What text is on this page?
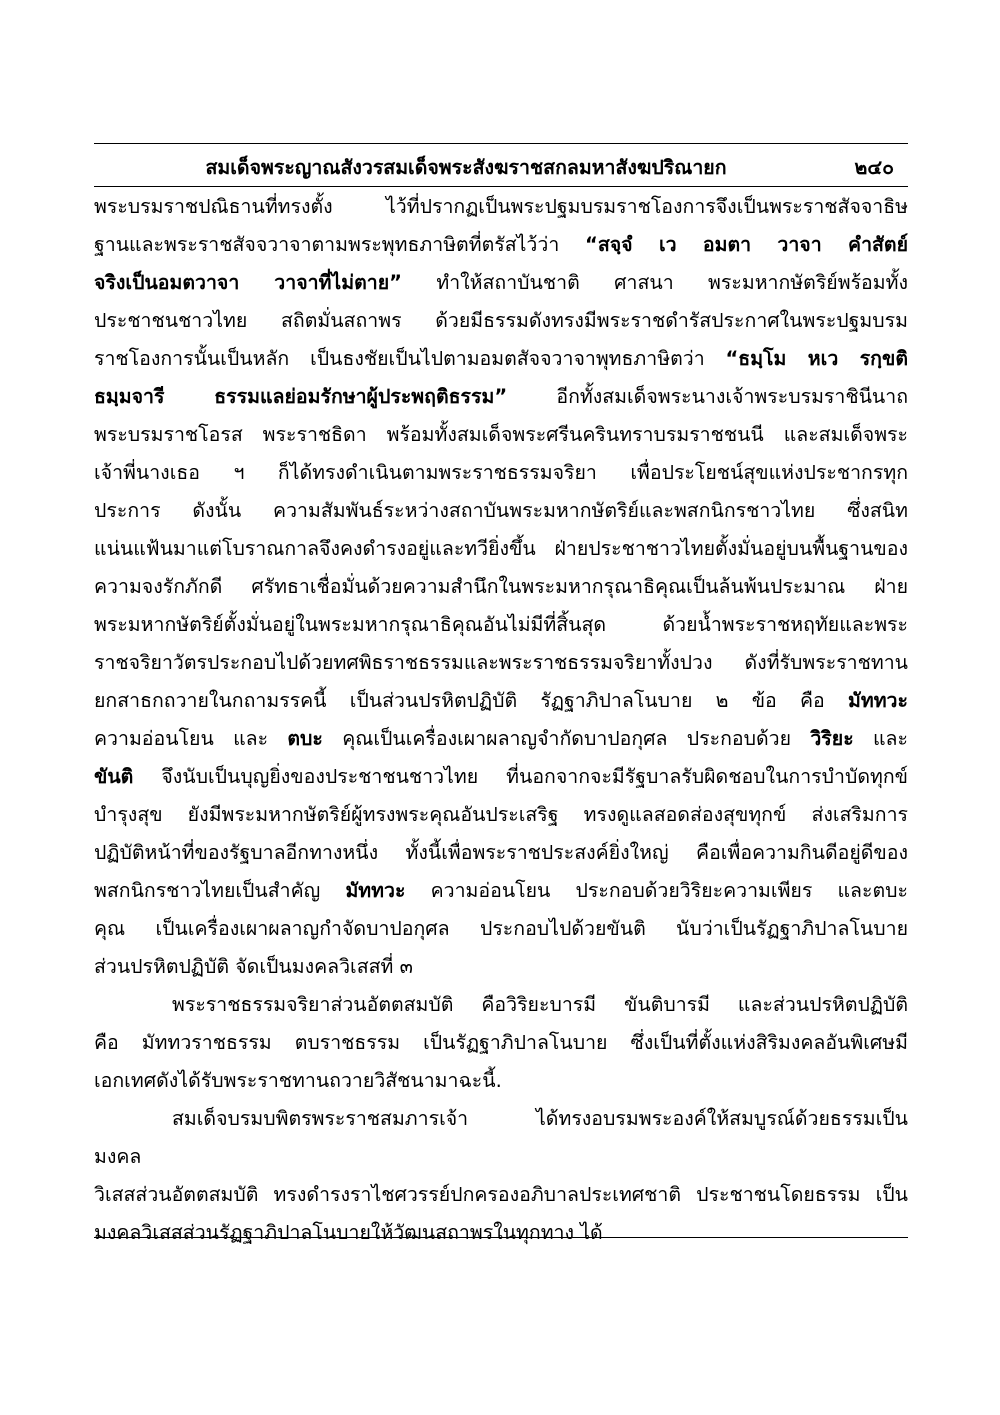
สมเด็จพระญาณสังวรสมเด็จพระสังฆราชสกลมหาสังฆปริณายก	๒๔๐
พระบรมราชปณิธานที่ทรงตั้ง ไว้ที่ปรากฏเป็นพระปฐมบรมราชโองการจึงเป็นพระราชสัจจาธิษ
ฐานและพระราชสัจจวาจาตามพระพุทธภาษิตที่ตรัสไว้ว่า “สจฺจํ เว อมตา วาจา คำสัตย์
จริงเป็นอมตวาจา วาจาที่ไม่ตาย” ทำให้สถาบันชาติ ศาสนา พระมหากษัตริย์พร้อมทั้ง
ประชาชนชาวไทย สถิตมั่นสถาพร ด้วยมีธรรมดังทรงมีพระราชดำรัสประกาศในพระปฐมบรม
ราชโองการนั้นเป็นหลัก เป็นธงชัยเป็นไปตามอมตสัจจวาจาพุทธภาษิตว่า “ธมฺโม หเว รกฺขติ
ธมฺมจารี ธรรมแลย่อมรักษาผู้ประพฤติธรรม” อีกทั้งสมเด็จพระนางเจ้าพระบรมราชินีนาถ
พระบรมราชโอรส พระราชธิดา พร้อมทั้งสมเด็จพระศรีนครินทราบรมราชชนนี และสมเด็จพระ
เจ้าพี่นางเธอ ฯ ก็ได้ทรงดำเนินตามพระราชธรรมจริยา เพื่อประโยชน์สุขแห่งประชากรทุก
ประการ ดังนั้น ความสัมพันธ์ระหว่างสถาบันพระมหากษัตริย์และพสกนิกรชาวไทย ซึ่งสนิท
แน่นแฟ้นมาแต่โบราณกาลจึงคงดำรงอยู่และทวียิ่งขึ้น ฝ่ายประชาชาวไทยตั้งมั่นอยู่บนพื้นฐานของ
ความจงรักภักดี ศรัทธาเชื่อมั่นด้วยความสำนึกในพระมหากรุณาธิคุณเป็นล้นพ้นประมาณ ฝ่าย
พระมหากษัตริย์ตั้งมั่นอยู่ในพระมหากรุณาธิคุณอันไม่มีที่สิ้นสุด ด้วยน้ำพระราชหฤทัยและพระ
ราชจริยาวัตรประกอบไปด้วยทศพิธราชธรรมและพระราชธรรมจริยาทั้งปวง ดังที่รับพระราชทาน
ยกสาธกถวายในกถามรรคนี้ เป็นส่วนปรหิตปฏิบัติ รัฏฐาภิปาลโนบาย ๒ ข้อ คือ มัททวะ
ความอ่อนโยน และ ตบะ คุณเป็นเครื่องเผาผลาญจำกัดบาปอกุศล ประกอบด้วย วิริยะ และ
ขันติ จึงนับเป็นบุญยิ่งของประชาชนชาวไทย ที่นอกจากจะมีรัฐบาลรับผิดชอบในการบำบัดทุกข์
บำรุงสุข ยังมีพระมหากษัตริย์ผู้ทรงพระคุณอันประเสริฐ ทรงดูแลสอดส่องสุขทุกข์ ส่งเสริมการ
ปฏิบัติหน้าที่ของรัฐบาลอีกทางหนึ่ง ทั้งนี้เพื่อพระราชประสงค์ยิ่งใหญ่ คือเพื่อความกินดีอยู่ดีของ
พสกนิกรชาวไทยเป็นสำคัญ มัททวะ ความอ่อนโยน ประกอบด้วยวิริยะความเพียร และตบะ
คุณ เป็นเครื่องเผาผลาญกำจัดบาปอกุศล ประกอบไปด้วยขันติ นับว่าเป็นรัฏฐาภิปาลโนบาย
ส่วนปรหิตปฏิบัติ จัดเป็นมงคลวิเสสที่ ๓
พระราชธรรมจริยาส่วนอัตตสมบัติ คือวิริยะบารมี ขันติบารมี และส่วนปรหิตปฏิบัติ
คือ มัททวราชธรรม ตบราชธรรม เป็นรัฏฐาภิปาลโนบาย ซึ่งเป็นที่ตั้งแห่งสิริมงคลอันพิเศษมี
เอกเทศดังได้รับพระราชทานถวายวิสัชนามาฉะนี้.
สมเด็จบรมบพิตรพระราชสมภารเจ้า ได้ทรงอบรมพระองค์ให้สมบูรณ์ด้วยธรรมเป็น
มงคล
วิเสสส่วนอัตตสมบัติ ทรงดำรงราไชศวรรย์ปกครองอภิบาลประเทศชาติ ประชาชนโดยธรรม เป็น
มงคลวิเสสส่วนรัฏฐาภิปาลโนบายให้วัฒนสถาพรในทุกทาง ได้
